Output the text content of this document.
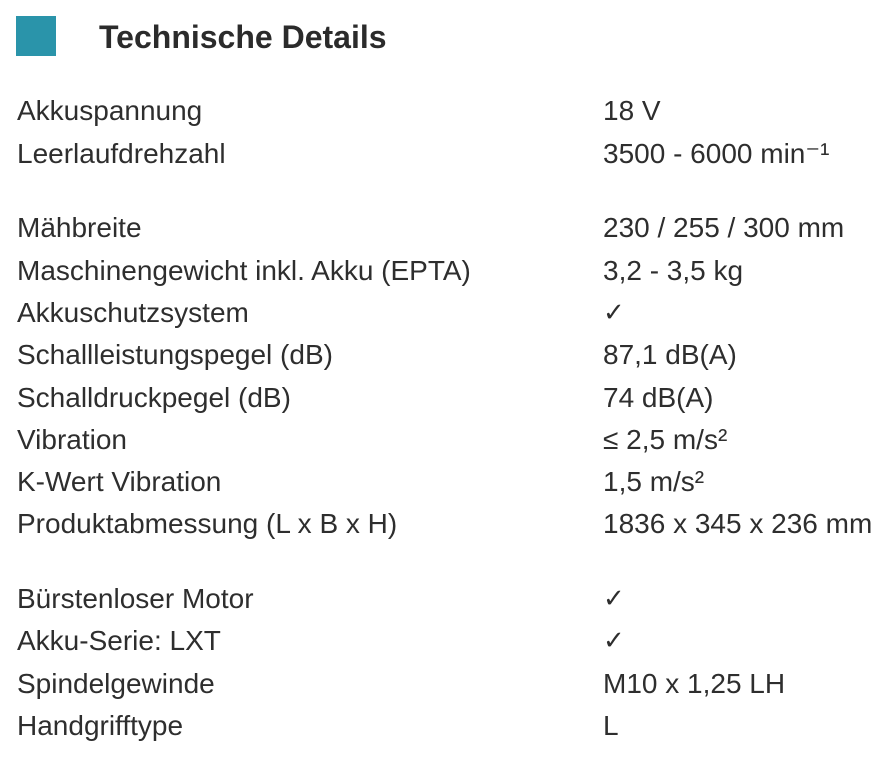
Technische Details
Akkuspannung	18 V
Leerlaufdrehzahl	3500 - 6000 min⁻¹
Mähbreite	230 / 255 / 300 mm
Maschinengewicht inkl. Akku (EPTA)	3,2 - 3,5 kg
Akkuschutzsystem	✓
Schallleistungspegel (dB)	87,1 dB(A)
Schalldruckpegel (dB)	74 dB(A)
Vibration	≤ 2,5 m/s²
K-Wert Vibration	1,5 m/s²
Produktabmessung (L x B x H)	1836 x 345 x 236 mm
Bürstenloser Motor	✓
Akku-Serie: LXT	✓
Spindelgewinde	M10 x 1,25 LH
Handgrifftype	L
